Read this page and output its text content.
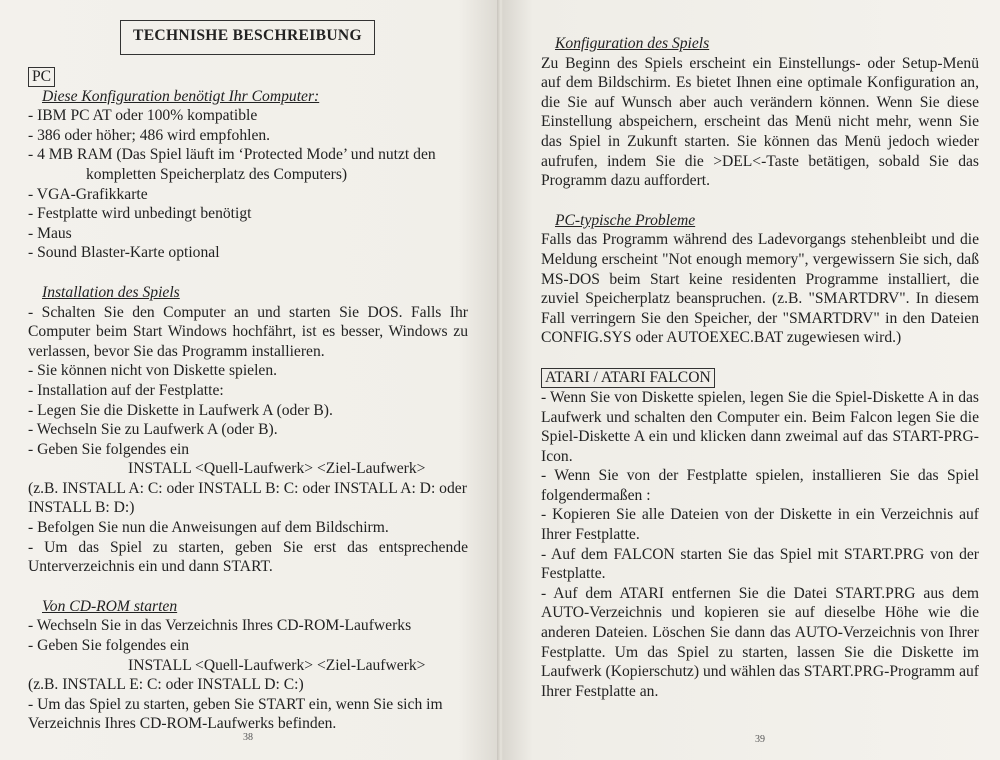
TECHNISHE BESCHREIBUNG
PC
Diese Konfiguration benötigt Ihr Computer:

- IBM PC AT oder 100% kompatible

- 386 oder höher; 486 wird empfohlen.

- 4 MB RAM (Das Spiel läuft im ‘Protected Mode’ und nutzt den

kompletten Speicherplatz des Computers)

- VGA-Grafikkarte

- Festplatte wird unbedingt benötigt

- Maus

- Sound Blaster-Karte optional

Installation des Spiels

- Schalten Sie den Computer an und starten Sie DOS. Falls Ihr Computer beim Start Windows hochfährt, ist es besser, Windows zu verlassen, bevor Sie das Programm installieren.

- Sie können nicht von Diskette spielen.

- Installation auf der Festplatte:

- Legen Sie die Diskette in Laufwerk A (oder B).

- Wechseln Sie zu Laufwerk A (oder B).

- Geben Sie folgendes ein

INSTALL <Quell-Laufwerk> <Ziel-Laufwerk>

(z.B. INSTALL A: C: oder INSTALL B: C: oder INSTALL A: D: oder INSTALL B: D:)

- Befolgen Sie nun die Anweisungen auf dem Bildschirm.

- Um das Spiel zu starten, geben Sie erst das entsprechende Unterverzeichnis ein und dann START.

Von CD-ROM starten

- Wechseln Sie in das Verzeichnis Ihres CD-ROM-Laufwerks

- Geben Sie folgendes ein

INSTALL <Quell-Laufwerk> <Ziel-Laufwerk>

(z.B. INSTALL E: C: oder INSTALL D: C:)

- Um das Spiel zu starten, geben Sie START ein, wenn Sie sich im Verzeichnis Ihres CD-ROM-Laufwerks befinden.

38
Konfiguration des Spiels

Zu Beginn des Spiels erscheint ein Einstellungs- oder Setup-Menü auf dem Bildschirm. Es bietet Ihnen eine optimale Konfiguration an, die Sie auf Wunsch aber auch verändern können. Wenn Sie diese Einstellung abspeichern, erscheint das Menü nicht mehr, wenn Sie das Spiel in Zukunft starten. Sie können das Menü jedoch wieder aufrufen, indem Sie die >DEL<-Taste betätigen, sobald Sie das Programm dazu auffordert.

PC-typische Probleme

Falls das Programm während des Ladevorgangs stehenbleibt und die Meldung erscheint "Not enough memory", vergewissern Sie sich, daß MS-DOS beim Start keine residenten Programme installiert, die zuviel Speicherplatz beanspruchen. (z.B. "SMARTDRV". In diesem Fall verringern Sie den Speicher, der "SMARTDRV" in den Dateien CONFIG.SYS oder AUTOEXEC.BAT zugewiesen wird.)

ATARI / ATARI FALCON

- Wenn Sie von Diskette spielen, legen Sie die Spiel-Diskette A in das Laufwerk und schalten den Computer ein. Beim Falcon legen Sie die Spiel-Diskette A ein und klicken dann zweimal auf das START-PRG-Icon.

- Wenn Sie von der Festplatte spielen, installieren Sie das Spiel folgendermaßen :

- Kopieren Sie alle Dateien von der Diskette in ein Verzeichnis auf Ihrer Festplatte.

- Auf dem FALCON starten Sie das Spiel mit START.PRG von der Festplatte.

- Auf dem ATARI entfernen Sie die Datei START.PRG aus dem AUTO-Verzeichnis und kopieren sie auf dieselbe Höhe wie die anderen Dateien. Löschen Sie dann das AUTO-Verzeichnis von Ihrer Festplatte. Um das Spiel zu starten, lassen Sie die Diskette im Laufwerk (Kopierschutz) und wählen das START.PRG-Programm auf Ihrer Festplatte an.

39
